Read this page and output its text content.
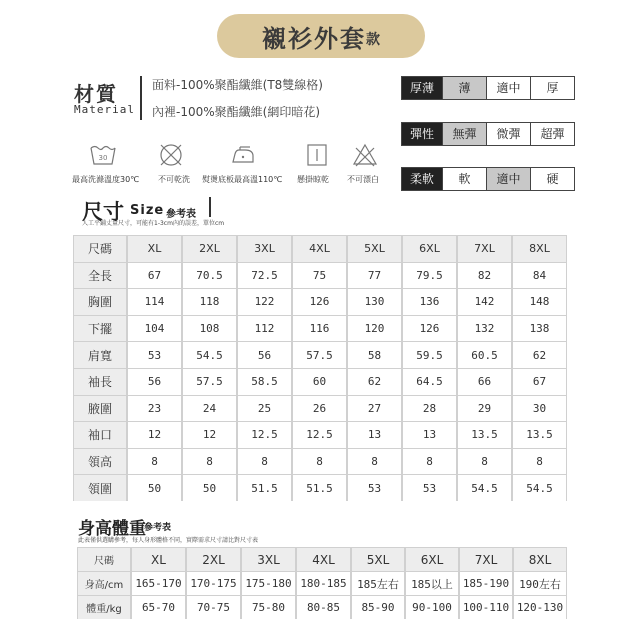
襯衫外套 款
材質
Material
面料-100%聚酯纖維(T8雙線格)
內裡-100%聚酯纖維(網印暗花)
厚薄	薄	適中	厚
彈性	無彈	微彈	超彈
柔軟	軟	適中	硬
30
最高洗滌溫度30℃ 不可乾洗 熨燙底板最高溫110℃ 懸掛晾乾 不可漂白
尺寸 Size 參考表
人工平鋪丈量尺寸，可能有1-3cm內的誤差，單位cm
尺碼	XL	2XL	3XL	4XL	5XL	6XL	7XL	8XL
全長	67	70.5	72.5	75	77	79.5	82	84
胸圍	114	118	122	126	130	136	142	148
下擺	104	108	112	116	120	126	132	138
肩寬	53	54.5	56	57.5	58	59.5	60.5	62
袖長	56	57.5	58.5	60	62	64.5	66	67
腋圍	23	24	25	26	27	28	29	30
袖口	12	12	12.5	12.5	13	13	13.5	13.5
領高	8	8	8	8	8	8	8	8
領圍	50	50	51.5	51.5	53	53	54.5	54.5
身高體重
參考表
此表僅供選購參考，每人身形體格不同，實際需求尺寸請比對尺寸表
尺碼	XL	2XL	3XL	4XL	5XL	6XL	7XL	8XL
身高/cm	165-170 170-175 175-180 180-185 185左右	185以上 185-190 190左右
體重/kg	65-70	70-75	75-80	80-85	85-90	90-100 100-110 120-130
